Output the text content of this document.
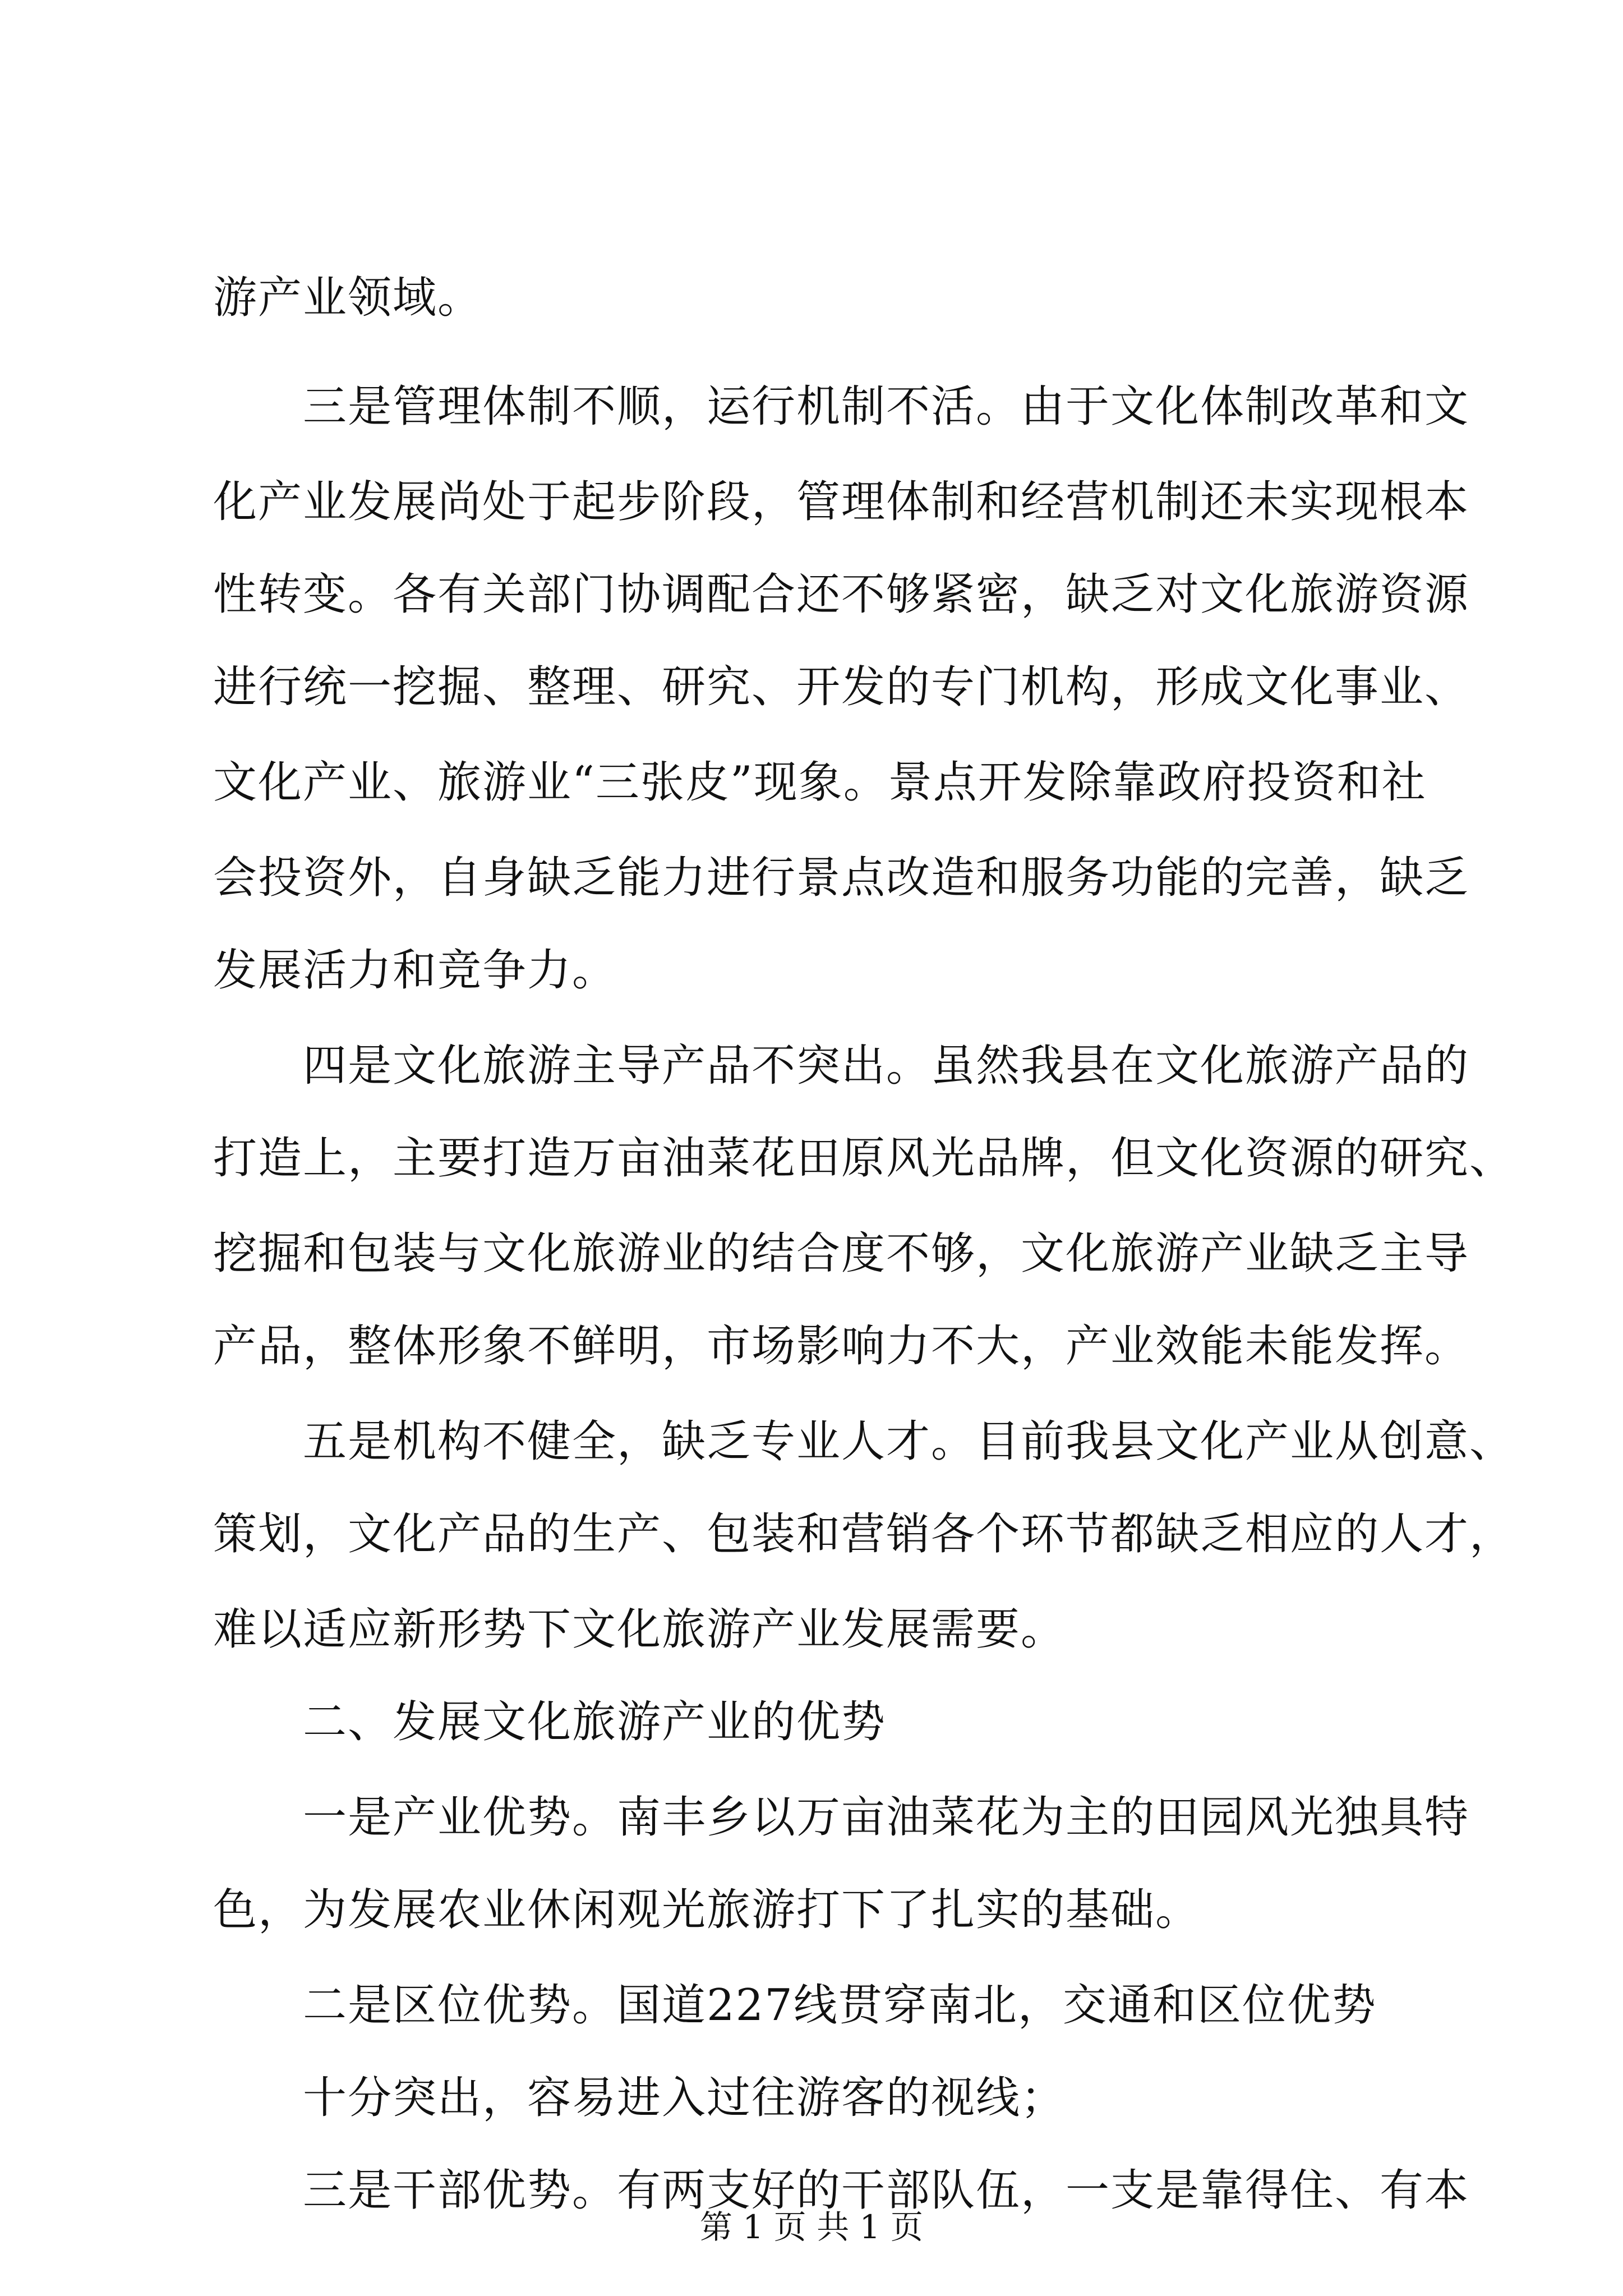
游产业领域。
三是管理体制不顺，运行机制不活。由于文化体制改革和文
化产业发展尚处于起步阶段，管理体制和经营机制还未实现根本
性转变。各有关部门协调配合还不够紧密，缺乏对文化旅游资源
进行统一挖掘、整理、研究、开发的专门机构，形成文化事业、
文化产业、旅游业“三张皮”现象。景点开发除靠政府投资和社
会投资外，自身缺乏能力进行景点改造和服务功能的完善，缺乏
发展活力和竞争力。
四是文化旅游主导产品不突出。虽然我县在文化旅游产品的
打造上，主要打造万亩油菜花田原风光品牌，但文化资源的研究、
挖掘和包装与文化旅游业的结合度不够，文化旅游产业缺乏主导
产品，整体形象不鲜明，市场影响力不大，产业效能未能发挥。
五是机构不健全，缺乏专业人才。目前我县文化产业从创意、
策划，文化产品的生产、包装和营销各个环节都缺乏相应的人才，
难以适应新形势下文化旅游产业发展需要。
二、发展文化旅游产业的优势
一是产业优势。南丰乡以万亩油菜花为主的田园风光独具特
色，为发展农业休闲观光旅游打下了扎实的基础。
二是区位优势。国道227线贯穿南北，交通和区位优势
十分突出，容易进入过往游客的视线；
三是干部优势。有两支好的干部队伍，一支是靠得住、有本
第 1 页 共 1 页
